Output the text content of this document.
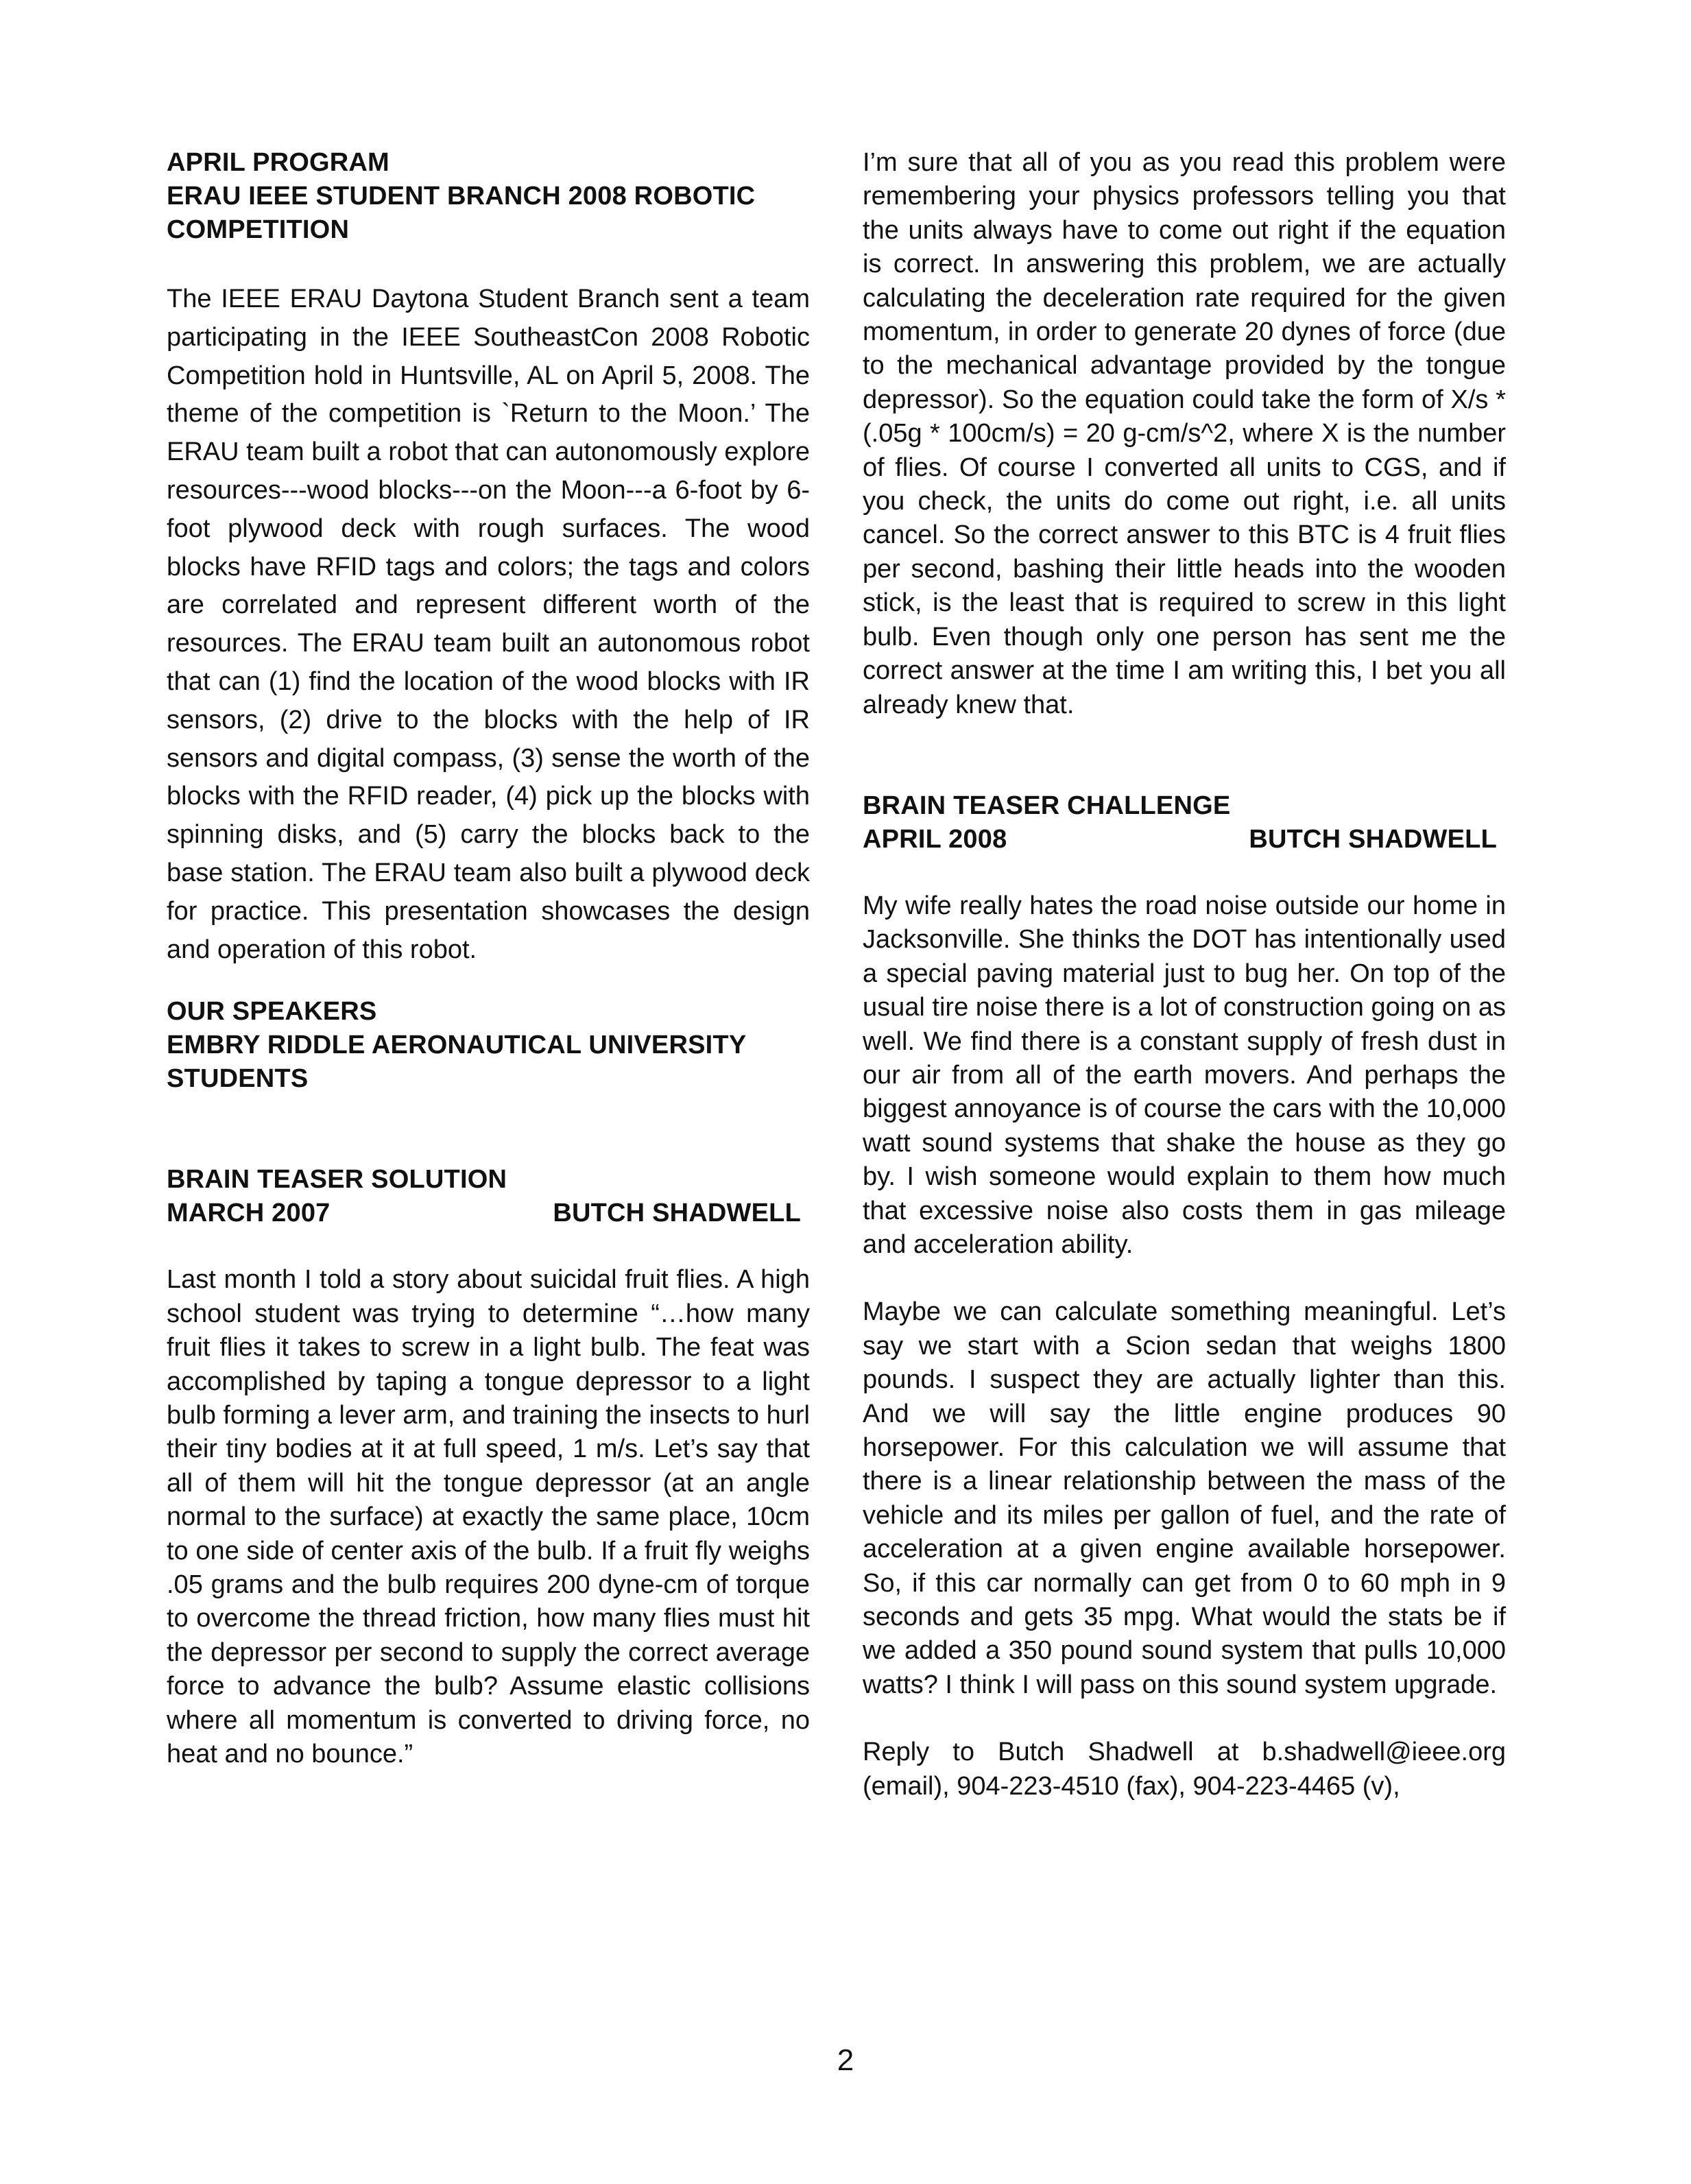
APRIL PROGRAM
ERAU IEEE STUDENT BRANCH 2008 ROBOTIC
COMPETITION

The IEEE ERAU Daytona Student Branch sent a team participating in the IEEE SoutheastCon 2008 Robotic Competition hold in Huntsville, AL on April 5, 2008. The theme of the competition is `Return to the Moon.’ The ERAU team built a robot that can autonomously explore resources---wood blocks---on the Moon---a 6-foot by 6-foot plywood deck with rough surfaces. The wood blocks have RFID tags and colors; the tags and colors are correlated and represent different worth of the resources. The ERAU team built an autonomous robot that can (1) find the location of the wood blocks with IR sensors, (2) drive to the blocks with the help of IR sensors and digital compass, (3) sense the worth of the blocks with the RFID reader, (4) pick up the blocks with spinning disks, and (5) carry the blocks back to the base station. The ERAU team also built a plywood deck for practice. This presentation showcases the design and operation of this robot.

OUR SPEAKERS
EMBRY RIDDLE AERONAUTICAL UNIVERSITY
STUDENTS
BRAIN TEASER SOLUTION
MARCH 2007	BUTCH SHADWELL

Last month I told a story about suicidal fruit flies. A high school student was trying to determine “…how many fruit flies it takes to screw in a light bulb. The feat was accomplished by taping a tongue depressor to a light bulb forming a lever arm, and training the insects to hurl their tiny bodies at it at full speed, 1 m/s. Let’s say that all of them will hit the tongue depressor (at an angle normal to the surface) at exactly the same place, 10cm to one side of center axis of the bulb. If a fruit fly weighs .05 grams and the bulb requires 200 dyne-cm of torque to overcome the thread friction, how many flies must hit the depressor per second to supply the correct average force to advance the bulb? Assume elastic collisions where all momentum is converted to driving force, no heat and no bounce.”

I’m sure that all of you as you read this problem were remembering your physics professors telling you that the units always have to come out right if the equation is correct. In answering this problem, we are actually calculating the deceleration rate required for the given momentum, in order to generate 20 dynes of force (due to the mechanical advantage provided by the tongue depressor). So the equation could take the form of X/s * (.05g * 100cm/s) = 20 g-cm/s^2, where X is the number of flies. Of course I converted all units to CGS, and if you check, the units do come out right, i.e. all units cancel. So the correct answer to this BTC is 4 fruit flies per second, bashing their little heads into the wooden stick, is the least that is required to screw in this light bulb. Even though only one person has sent me the correct answer at the time I am writing this, I bet you all already knew that.

BRAIN TEASER CHALLENGE
APRIL 2008	BUTCH SHADWELL

My wife really hates the road noise outside our home in Jacksonville. She thinks the DOT has intentionally used a special paving material just to bug her. On top of the usual tire noise there is a lot of construction going on as well. We find there is a constant supply of fresh dust in our air from all of the earth movers. And perhaps the biggest annoyance is of course the cars with the 10,000 watt sound systems that shake the house as they go by. I wish someone would explain to them how much that excessive noise also costs them in gas mileage and acceleration ability.

Maybe we can calculate something meaningful. Let’s say we start with a Scion sedan that weighs 1800 pounds. I suspect they are actually lighter than this. And we will say the little engine produces 90 horsepower. For this calculation we will assume that there is a linear relationship between the mass of the vehicle and its miles per gallon of fuel, and the rate of acceleration at a given engine available horsepower. So, if this car normally can get from 0 to 60 mph in 9 seconds and gets 35 mpg. What would the stats be if we added a 350 pound sound system that pulls 10,000 watts? I think I will pass on this sound system upgrade.

Reply to Butch Shadwell at b.shadwell@ieee.org (email), 904-223-4510 (fax), 904-223-4465 (v),

2
